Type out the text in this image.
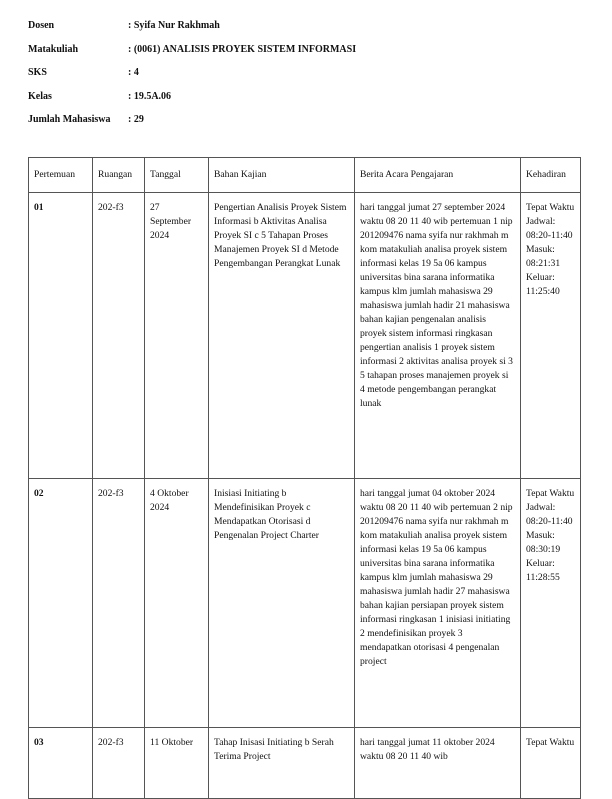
Dosen	: Syifa Nur Rakhmah
Matakuliah	: (0061) ANALISIS PROYEK SISTEM INFORMASI
SKS	: 4
Kelas	: 19.5A.06
Jumlah Mahasiswa	: 29
Pertemuan	Ruangan	Tanggal	Bahan Kajian	Berita Acara Pengajaran	Kehadiran
01	202-f3	27 September 2024	Pengertian Analisis Proyek Sistem Informasi b Aktivitas Analisa Proyek SI c 5 Tahapan Proses Manajemen Proyek SI d Metode Pengembangan Perangkat Lunak	hari tanggal jumat 27 september 2024 waktu 08 20 11 40 wib pertemuan 1 nip 201209476 nama syifa nur rakhmah m kom matakuliah analisa proyek sistem informasi kelas 19 5a 06 kampus universitas bina sarana informatika kampus klm jumlah mahasiswa 29 mahasiswa jumlah hadir 21 mahasiswa bahan kajian pengenalan analisis proyek sistem informasi ringkasan pengertian analisis 1 proyek sistem informasi 2 aktivitas analisa proyek si 3 5 tahapan proses manajemen proyek si 4 metode pengembangan perangkat lunak	Tepat Waktu Jadwal: 08:20-11:40 Masuk: 08:21:31 Keluar: 11:25:40
02	202-f3	4 Oktober 2024	Inisiasi Initiating b Mendefinisikan Proyek c Mendapatkan Otorisasi d Pengenalan Project Charter	hari tanggal jumat 04 oktober 2024 waktu 08 20 11 40 wib pertemuan 2 nip 201209476 nama syifa nur rakhmah m kom matakuliah analisa proyek sistem informasi kelas 19 5a 06 kampus universitas bina sarana informatika kampus klm jumlah mahasiswa 29 mahasiswa jumlah hadir 27 mahasiswa bahan kajian persiapan proyek sistem informasi ringkasan 1 inisiasi initiating 2 mendefinisikan proyek 3 mendapatkan otorisasi 4 pengenalan project	Tepat Waktu Jadwal: 08:20-11:40 Masuk: 08:30:19 Keluar: 11:28:55
03	202-f3	11 Oktober	Tahap Inisasi Initiating b Serah Terima Project	hari tanggal jumat 11 oktober 2024 waktu 08 20 11 40 wib	Tepat Waktu
